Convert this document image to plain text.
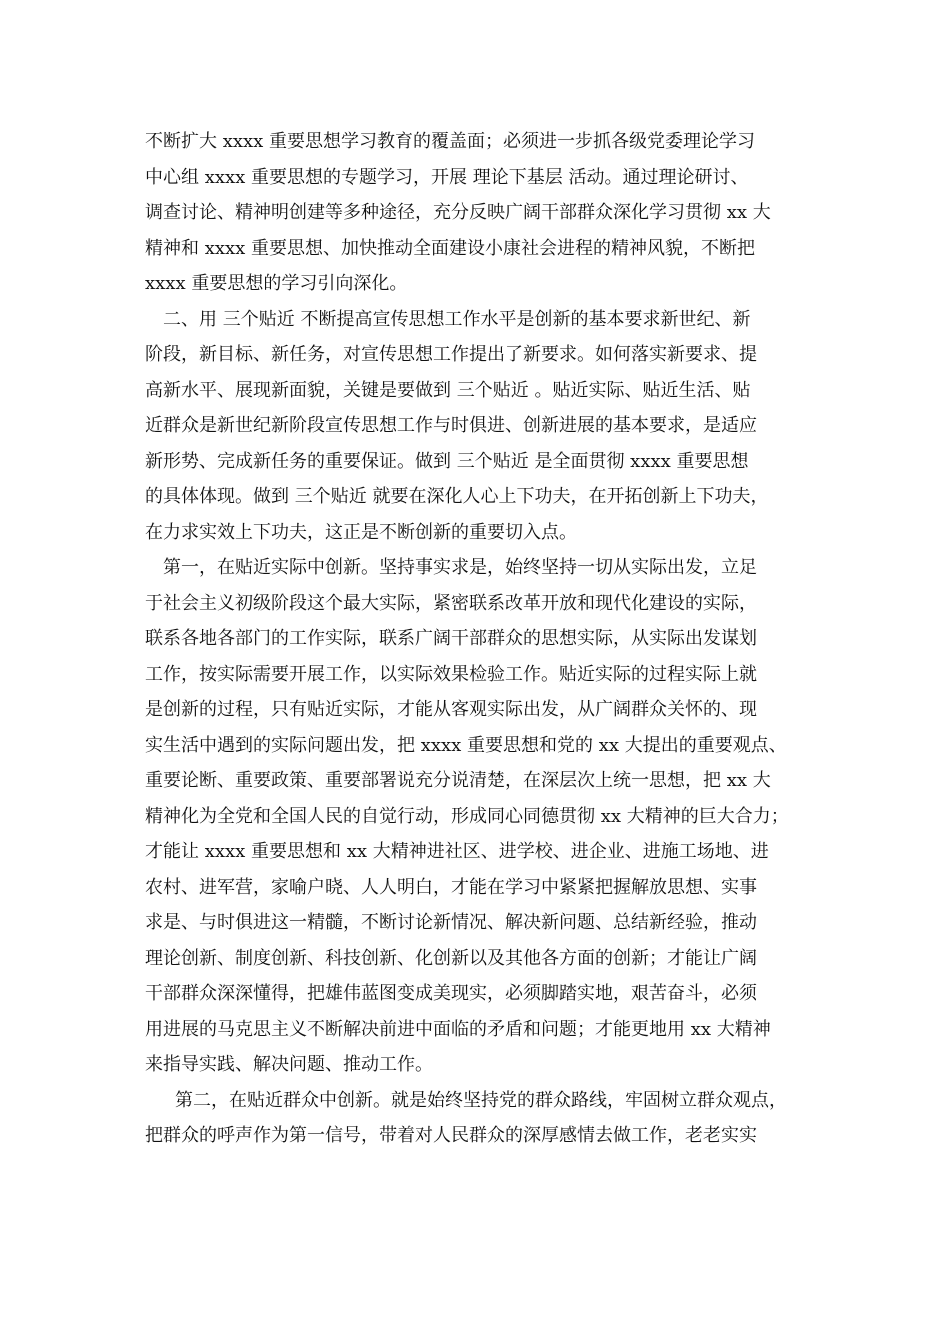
不断扩大 xxxx 重要思想学习教育的覆盖面；必须进一步抓各级党委理论学习
中心组 xxxx 重要思想的专题学习，开展 理论下基层 活动。通过理论研讨、
调查讨论、精神明创建等多种途径，充分反映广阔干部群众深化学习贯彻 xx 大
精神和 xxxx 重要思想、加快推动全面建设小康社会进程的精神风貌，不断把
xxxx 重要思想的学习引向深化。
二、用 三个贴近 不断提高宣传思想工作水平是创新的基本要求新世纪、新
阶段，新目标、新任务，对宣传思想工作提出了新要求。如何落实新要求、提
高新水平、展现新面貌，关键是要做到 三个贴近 。贴近实际、贴近生活、贴
近群众是新世纪新阶段宣传思想工作与时俱进、创新进展的基本要求，是适应
新形势、完成新任务的重要保证。做到 三个贴近 是全面贯彻 xxxx 重要思想
的具体体现。做到 三个贴近 就要在深化人心上下功夫，在开拓创新上下功夫，
在力求实效上下功夫，这正是不断创新的重要切入点。
第一，在贴近实际中创新。坚持事实求是，始终坚持一切从实际出发，立足
于社会主义初级阶段这个最大实际，紧密联系改革开放和现代化建设的实际，
联系各地各部门的工作实际，联系广阔干部群众的思想实际，从实际出发谋划
工作，按实际需要开展工作，以实际效果检验工作。贴近实际的过程实际上就
是创新的过程，只有贴近实际，才能从客观实际出发，从广阔群众关怀的、现
实生活中遇到的实际问题出发，把 xxxx 重要思想和党的 xx 大提出的重要观点、
重要论断、重要政策、重要部署说充分说清楚，在深层次上统一思想，把 xx 大
精神化为全党和全国人民的自觉行动，形成同心同德贯彻 xx 大精神的巨大合力；
才能让 xxxx 重要思想和 xx 大精神进社区、进学校、进企业、进施工场地、进
农村、进军营，家喻户晓、人人明白，才能在学习中紧紧把握解放思想、实事
求是、与时俱进这一精髓，不断讨论新情况、解决新问题、总结新经验，推动
理论创新、制度创新、科技创新、化创新以及其他各方面的创新；才能让广阔
干部群众深深懂得，把雄伟蓝图变成美现实，必须脚踏实地，艰苦奋斗，必须
用进展的马克思主义不断解决前进中面临的矛盾和问题；才能更地用 xx 大精神
来指导实践、解决问题、推动工作。
第二，在贴近群众中创新。就是始终坚持党的群众路线，牢固树立群众观点，
把群众的呼声作为第一信号，带着对人民群众的深厚感情去做工作，老老实实
